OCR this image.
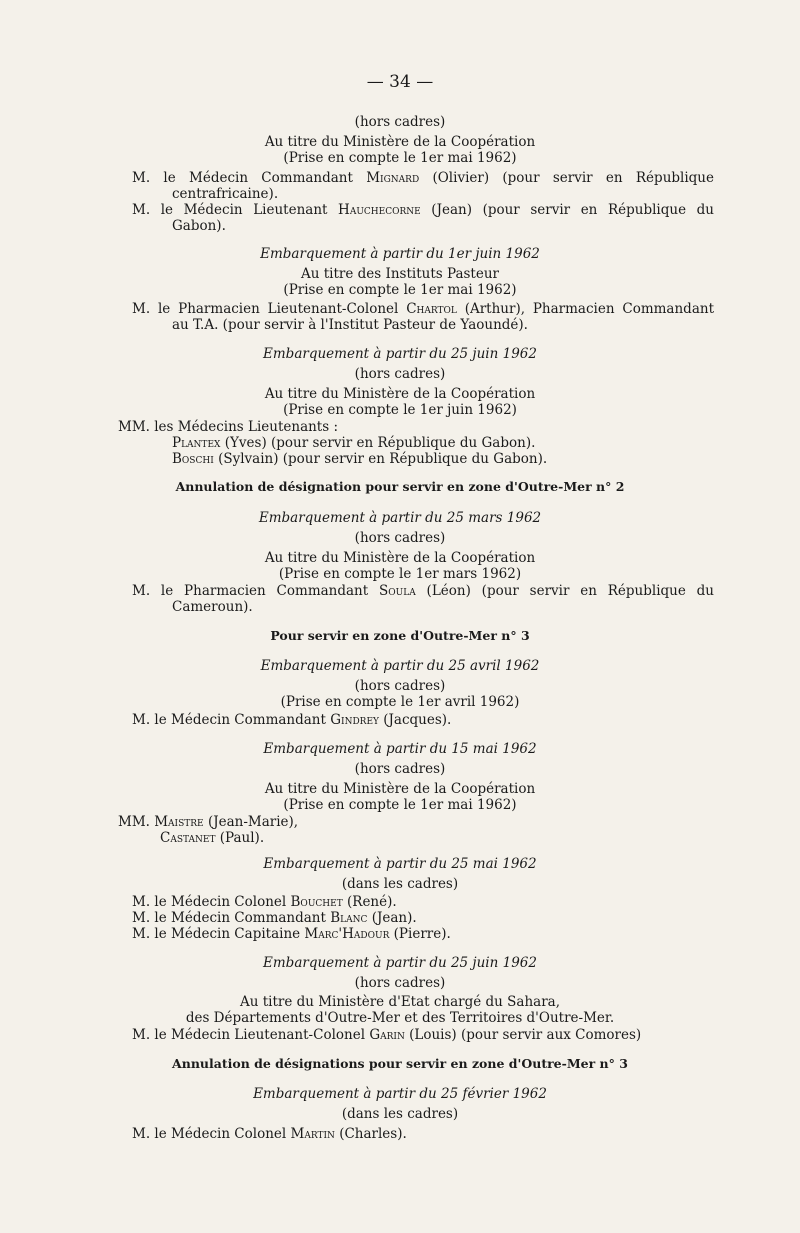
— 34 —
(hors cadres)
Au titre du Ministère de la Coopération
(Prise en compte le 1er mai 1962)
M. le Médecin Commandant Mignard (Olivier) (pour servir en République
centrafricaine).
M. le Médecin Lieutenant Hauchecorne (Jean) (pour servir en République du
Gabon).
Embarquement à partir du 1er juin 1962
Au titre des Instituts Pasteur
(Prise en compte le 1er mai 1962)
M. le Pharmacien Lieutenant-Colonel Chartol (Arthur), Pharmacien Commandant
au T.A. (pour servir à l'Institut Pasteur de Yaoundé).
Embarquement à partir du 25 juin 1962
(hors cadres)
Au titre du Ministère de la Coopération
(Prise en compte le 1er juin 1962)
MM. les Médecins Lieutenants :
Plantex (Yves) (pour servir en République du Gabon).
Boschi (Sylvain) (pour servir en République du Gabon).
Annulation de désignation pour servir en zone d'Outre-Mer n° 2
Embarquement à partir du 25 mars 1962
(hors cadres)
Au titre du Ministère de la Coopération
(Prise en compte le 1er mars 1962)
M. le Pharmacien Commandant Soula (Léon) (pour servir en République du
Cameroun).
Pour servir en zone d'Outre-Mer n° 3
Embarquement à partir du 25 avril 1962
(hors cadres)
(Prise en compte le 1er avril 1962)
M. le Médecin Commandant Gindrey (Jacques).
Embarquement à partir du 15 mai 1962
(hors cadres)
Au titre du Ministère de la Coopération
(Prise en compte le 1er mai 1962)
MM. Maistre (Jean-Marie),
Castanet (Paul).
Embarquement à partir du 25 mai 1962
(dans les cadres)
M. le Médecin Colonel Bouchet (René).
M. le Médecin Commandant Blanc (Jean).
M. le Médecin Capitaine Marc'Hadour (Pierre).
Embarquement à partir du 25 juin 1962
(hors cadres)
Au titre du Ministère d'Etat chargé du Sahara,
des Départements d'Outre-Mer et des Territoires d'Outre-Mer.
M. le Médecin Lieutenant-Colonel Garin (Louis) (pour servir aux Comores)
Annulation de désignations pour servir en zone d'Outre-Mer n° 3
Embarquement à partir du 25 février 1962
(dans les cadres)
M. le Médecin Colonel Martin (Charles).
